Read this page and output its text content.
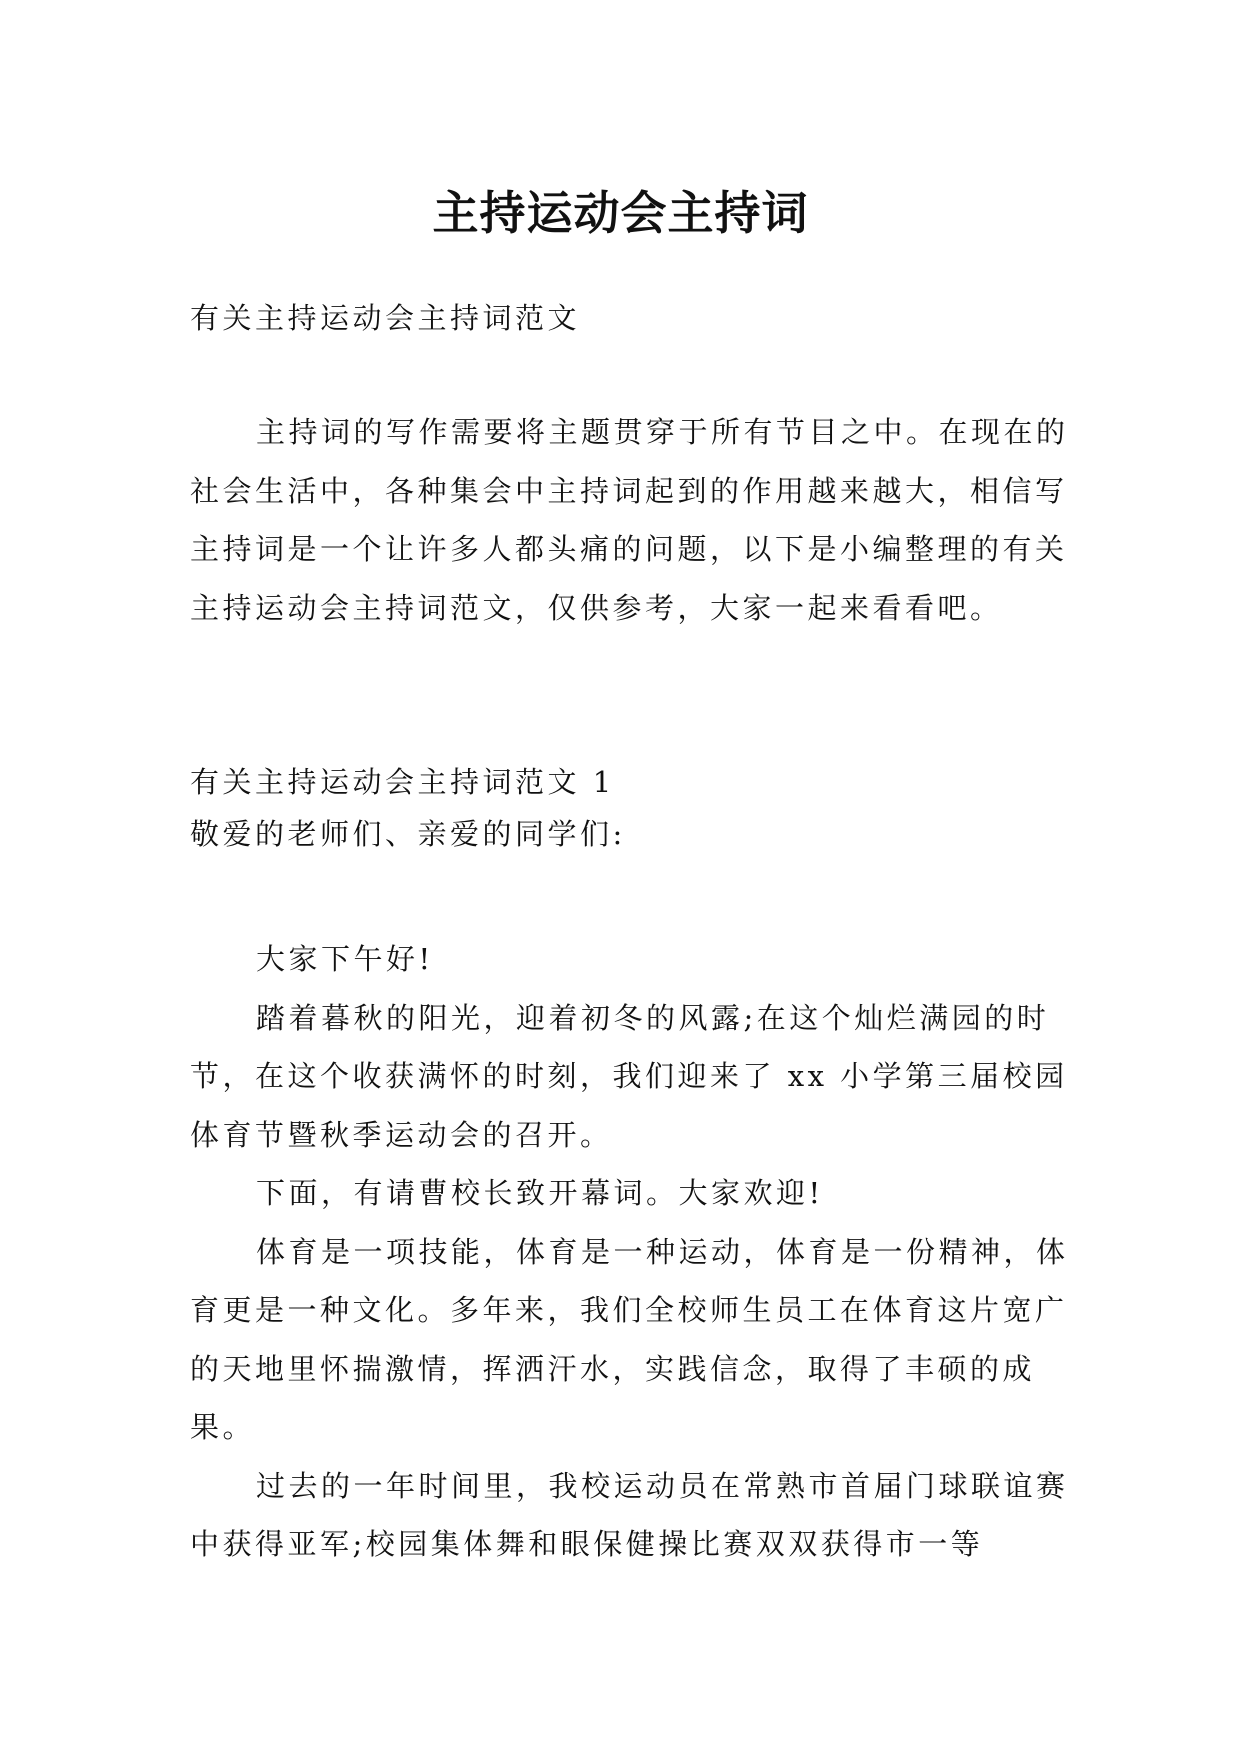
主持运动会主持词

有关主持运动会主持词范文

主持词的写作需要将主题贯穿于所有节目之中。在现在的社会生活中，各种集会中主持词起到的作用越来越大，相信写主持词是一个让许多人都头痛的问题，以下是小编整理的有关主持运动会主持词范文，仅供参考，大家一起来看看吧。

有关主持运动会主持词范文 1

敬爱的老师们、亲爱的同学们:

大家下午好!

踏着暮秋的阳光，迎着初冬的风露;在这个灿烂满园的时节，在这个收获满怀的时刻，我们迎来了 xx 小学第三届校园体育节暨秋季运动会的召开。

下面，有请曹校长致开幕词。大家欢迎!

体育是一项技能，体育是一种运动，体育是一份精神，体育更是一种文化。多年来，我们全校师生员工在体育这片宽广的天地里怀揣激情，挥洒汗水，实践信念，取得了丰硕的成果。

过去的一年时间里，我校运动员在常熟市首届门球联谊赛中获得亚军;校园集体舞和眼保健操比赛双双获得市一等
